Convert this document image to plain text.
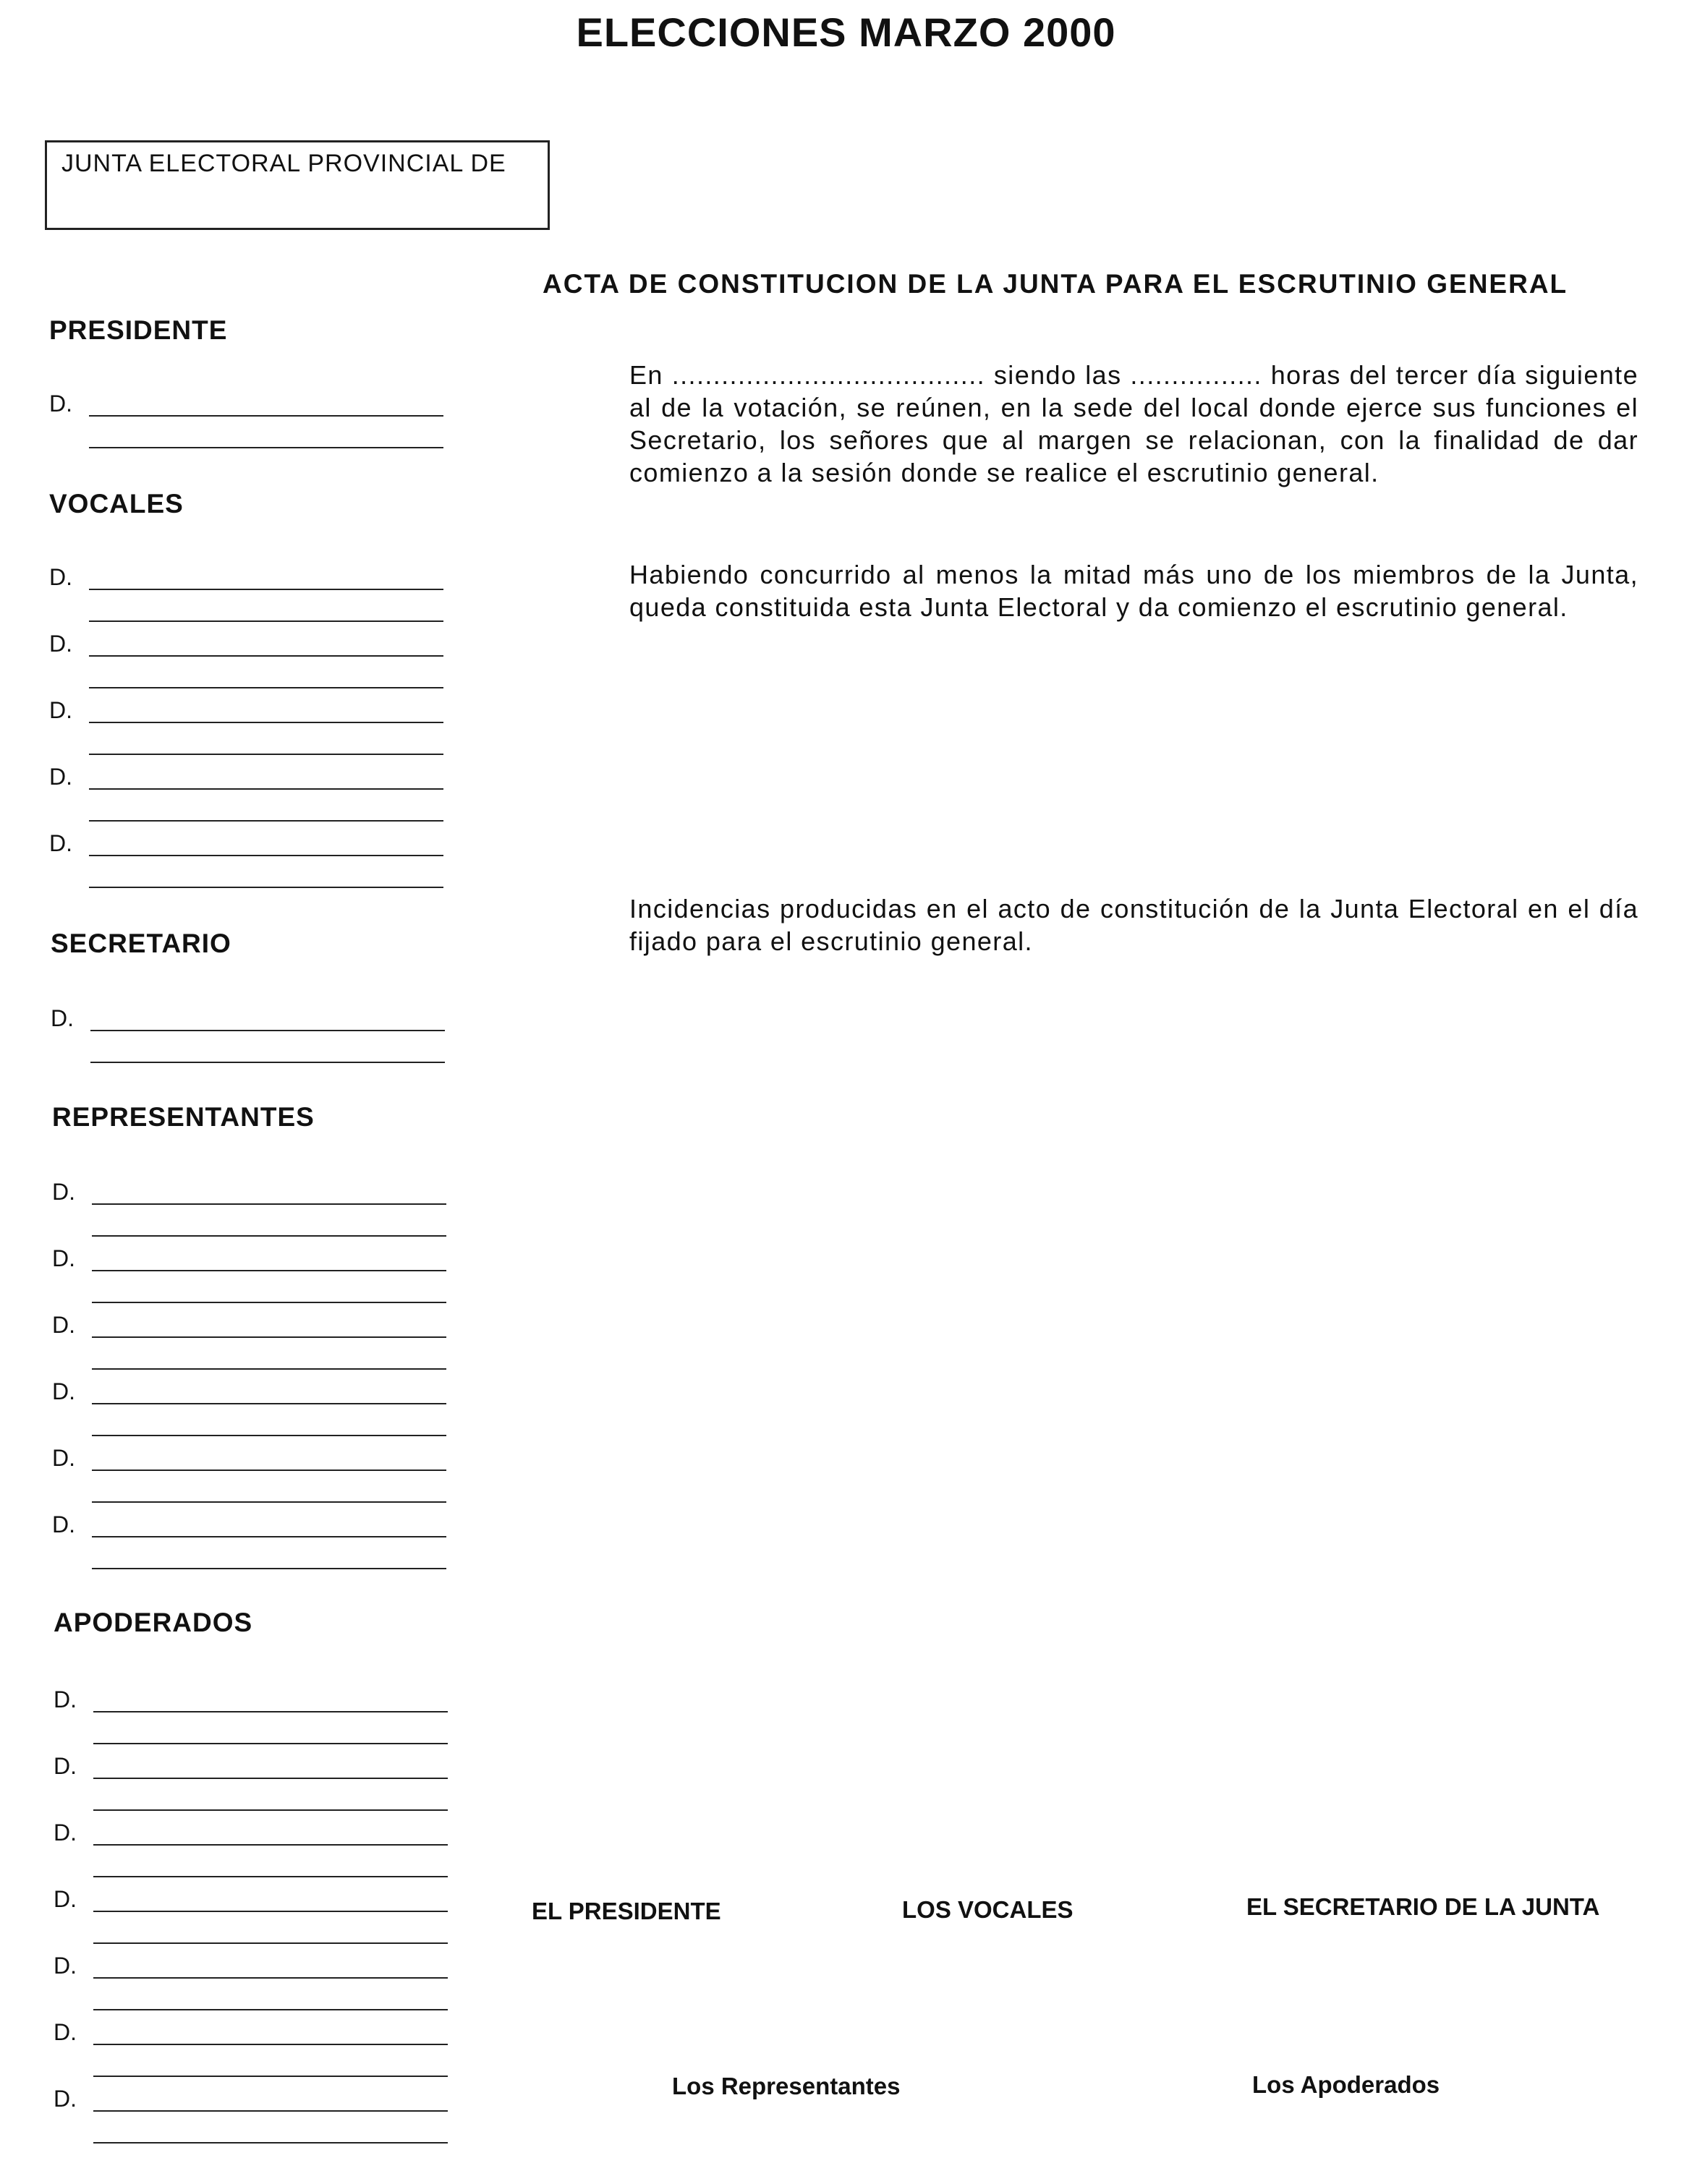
ELECCIONES MARZO 2000
JUNTA ELECTORAL PROVINCIAL DE
ACTA DE CONSTITUCION DE LA JUNTA PARA EL ESCRUTINIO GENERAL
PRESIDENTE
VOCALES
SECRETARIO
REPRESENTANTES
APODERADOS
D.
D.
D.
D.
D.
D.
D.
D.
D.
D.
D.
D.
D.
D.
D.
D.
D.
D.
D.
D.
En ...................................... siendo las ................ horas del tercer día siguiente al de la votación, se reúnen, en la sede del local donde ejerce sus funciones el Secretario, los señores que al margen se relacionan, con la finalidad de dar comienzo a la sesión donde se realice el escrutinio general.
Habiendo concurrido al menos la mitad más uno de los miembros de la Junta, queda constituida esta Junta Electoral y da comienzo el escrutinio general.
Incidencias producidas en el acto de constitución de la Junta Electoral en el día fijado para el escrutinio general.
EL PRESIDENTE	LOS VOCALES	EL SECRETARIO DE LA JUNTA
Los Representantes	Los Apoderados
